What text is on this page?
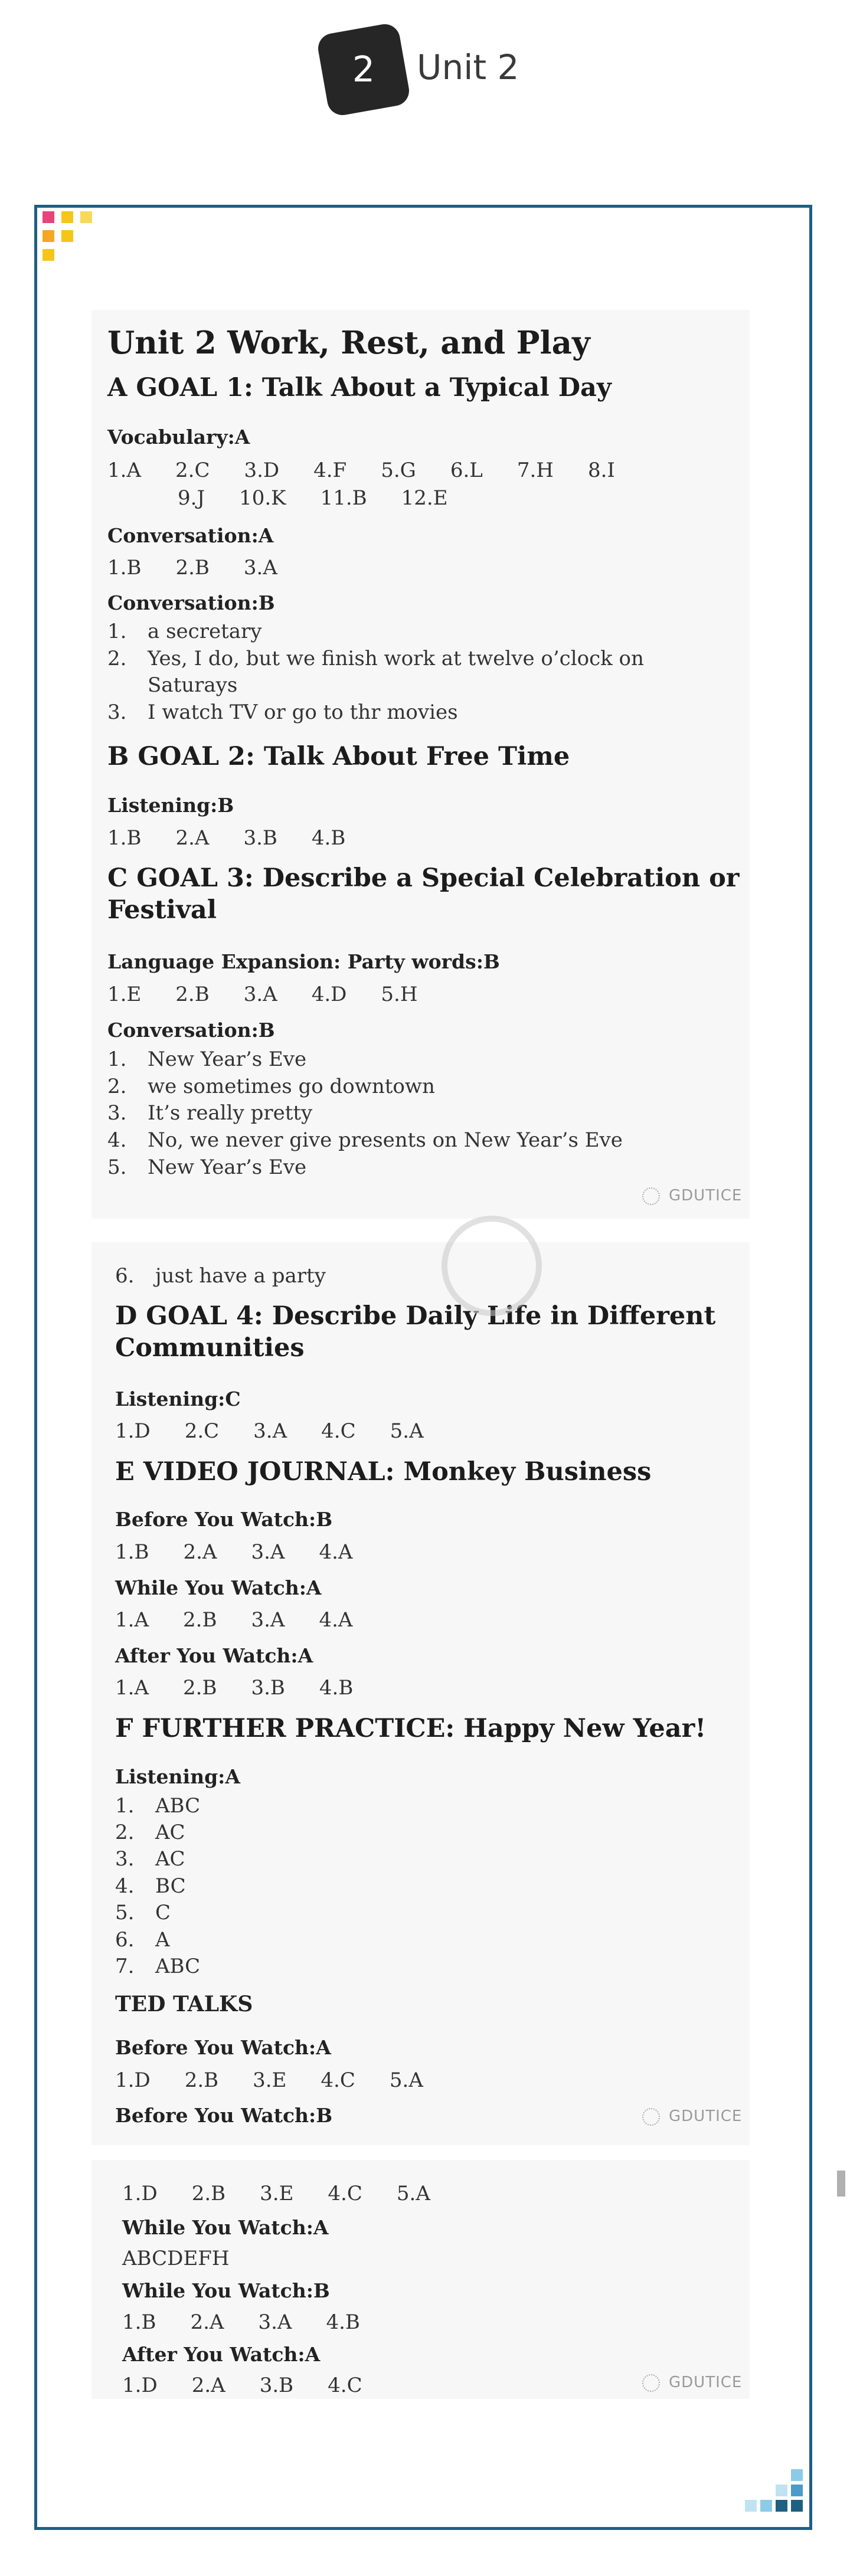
2	Unit 2
Unit 2 Work, Rest, and Play
A GOAL 1: Talk About a Typical Day
Vocabulary:A
1.A 2.C 3.D 4.F 5.G 6.L 7.H 8.I
9.J 10.K 11.B 12.E
Conversation:A
1.B 2.B 3.A
Conversation:B
1. a secretary
2. Yes, I do, but we finish work at twelve o’clock on
Saturays
3. I watch TV or go to thr movies
B GOAL 2: Talk About Free Time
Listening:B
1.B 2.A 3.B 4.B
C GOAL 3: Describe a Special Celebration or
Festival
Language Expansion: Party words:B
1.E 2.B 3.A 4.D 5.H
Conversation:B
1. New Year’s Eve
2. we sometimes go downtown
3. It’s really pretty
4. No, we never give presents on New Year’s Eve
5. New Year’s Eve
GDUTICE
6. just have a party
D GOAL 4: Describe Daily Life in Different
Communities
Listening:C
1.D 2.C 3.A 4.C 5.A
E VIDEO JOURNAL: Monkey Business
Before You Watch:B
1.B 2.A 3.A 4.A
While You Watch:A
1.A 2.B 3.A 4.A
After You Watch:A
1.A 2.B 3.B 4.B
F FURTHER PRACTICE: Happy New Year!
Listening:A
1. ABC
2. AC
3. AC
4. BC
5. C
6. A
7. ABC
TED TALKS
Before You Watch:A
1.D 2.B 3.E 4.C 5.A
Before You Watch:B	GDUTICE
1.D 2.B 3.E 4.C 5.A
While You Watch:A
ABCDEFH
While You Watch:B
1.B 2.A 3.A 4.B
After You Watch:A
1.D 2.A 3.B 4.C	GDUTICE
